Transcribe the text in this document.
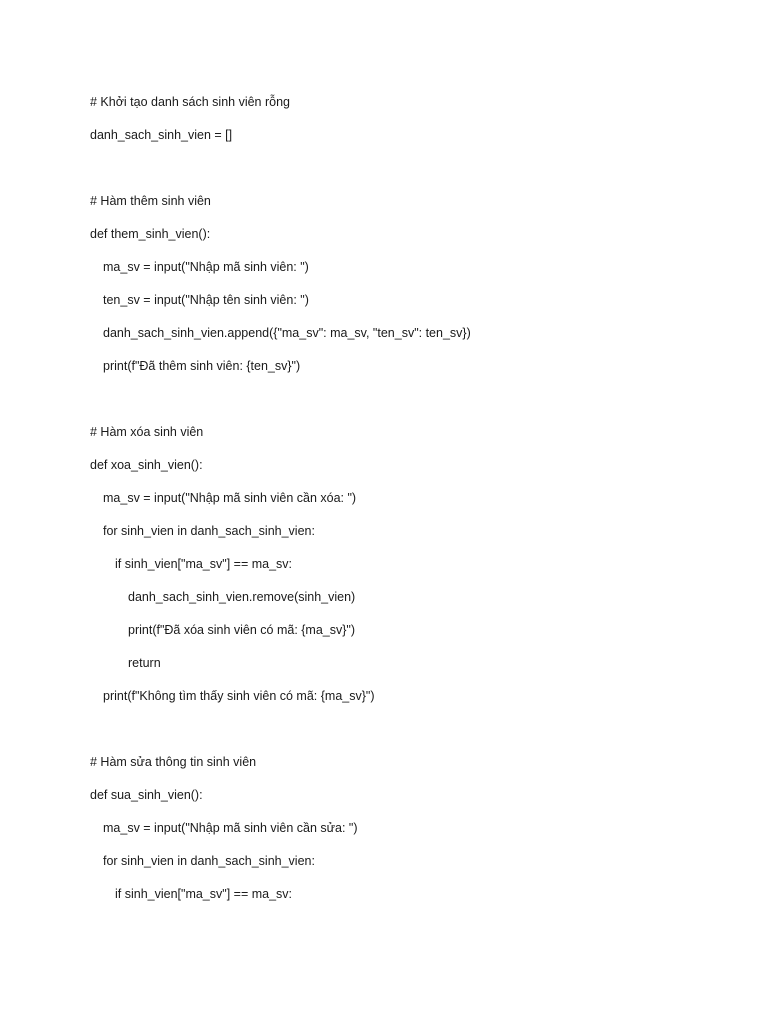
# Khởi tạo danh sách sinh viên rỗng
danh_sach_sinh_vien = []
# Hàm thêm sinh viên
def them_sinh_vien():
ma_sv = input("Nhập mã sinh viên: ")
ten_sv = input("Nhập tên sinh viên: ")
danh_sach_sinh_vien.append({"ma_sv": ma_sv, "ten_sv": ten_sv})
print(f"Đã thêm sinh viên: {ten_sv}")
# Hàm xóa sinh viên
def xoa_sinh_vien():
ma_sv = input("Nhập mã sinh viên cần xóa: ")
for sinh_vien in danh_sach_sinh_vien:
if sinh_vien["ma_sv"] == ma_sv:
danh_sach_sinh_vien.remove(sinh_vien)
print(f"Đã xóa sinh viên có mã: {ma_sv}")
return
print(f"Không tìm thấy sinh viên có mã: {ma_sv}")
# Hàm sửa thông tin sinh viên
def sua_sinh_vien():
ma_sv = input("Nhập mã sinh viên cần sửa: ")
for sinh_vien in danh_sach_sinh_vien:
if sinh_vien["ma_sv"] == ma_sv:
